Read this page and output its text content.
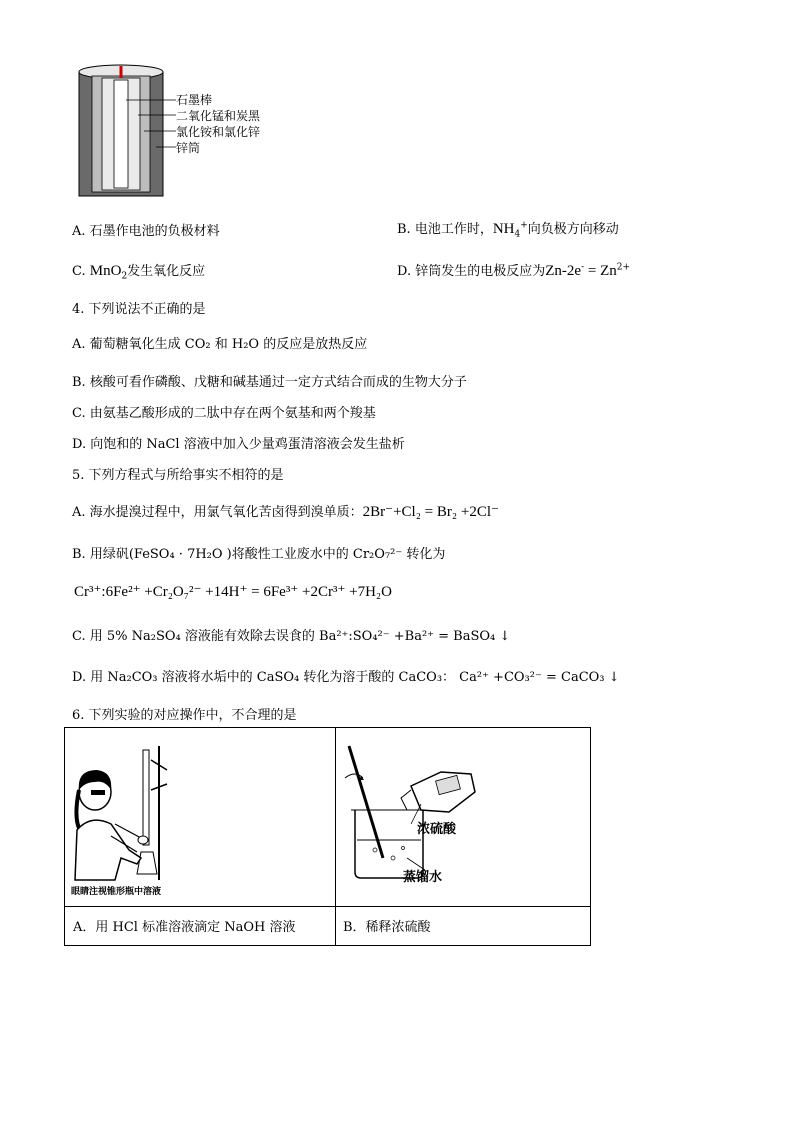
石墨棒
二氧化锰和炭黑
氯化铵和氯化锌
锌筒
A. 石墨作电池的负极材料	B. 电池工作时，$NH_4^+$向负极方向移动
C. MnO$_2$发生氧化反应	D. 锌筒发生的电极反应为$Zn-2e^- = Zn^{2+}$
4. 下列说法不正确的是
A. 葡萄糖氧化生成 CO₂ 和 H₂O 的反应是放热反应
B. 核酸可看作磷酸、戊糖和碱基通过一定方式结合而成的生物大分子
C. 由氨基乙酸形成的二肽中存在两个氨基和两个羧基
D. 向饱和的 NaCl 溶液中加入少量鸡蛋清溶液会发生盐析
5. 下列方程式与所给事实不相符的是
A. 海水提溴过程中，用氯气氧化苦卤得到溴单质：2Br⁻+Cl₂ = Br₂ +2Cl⁻
B. 用绿矾(FeSO₄ · 7H₂O )将酸性工业废水中的 Cr₂O₇²⁻ 转化为
Cr³⁺:6Fe²⁺ +Cr₂O₇²⁻ +14H⁺ = 6Fe³⁺ +2Cr³⁺ +7H₂O
C. 用 5% Na₂SO₄ 溶液能有效除去误食的 Ba²⁺:SO₄²⁻ +Ba²⁺ = BaSO₄ ↓
D. 用 Na₂CO₃ 溶液将水垢中的 CaSO₄ 转化为溶于酸的 CaCO₃： Ca²⁺ +CO₃²⁻ = CaCO₃ ↓
6. 下列实验的对应操作中，不合理的是
眼睛注视锥形瓶中溶液
浓硫酸
蒸馏水
A．用 HCl 标准溶液滴定 NaOH 溶液	B．稀释浓硫酸
